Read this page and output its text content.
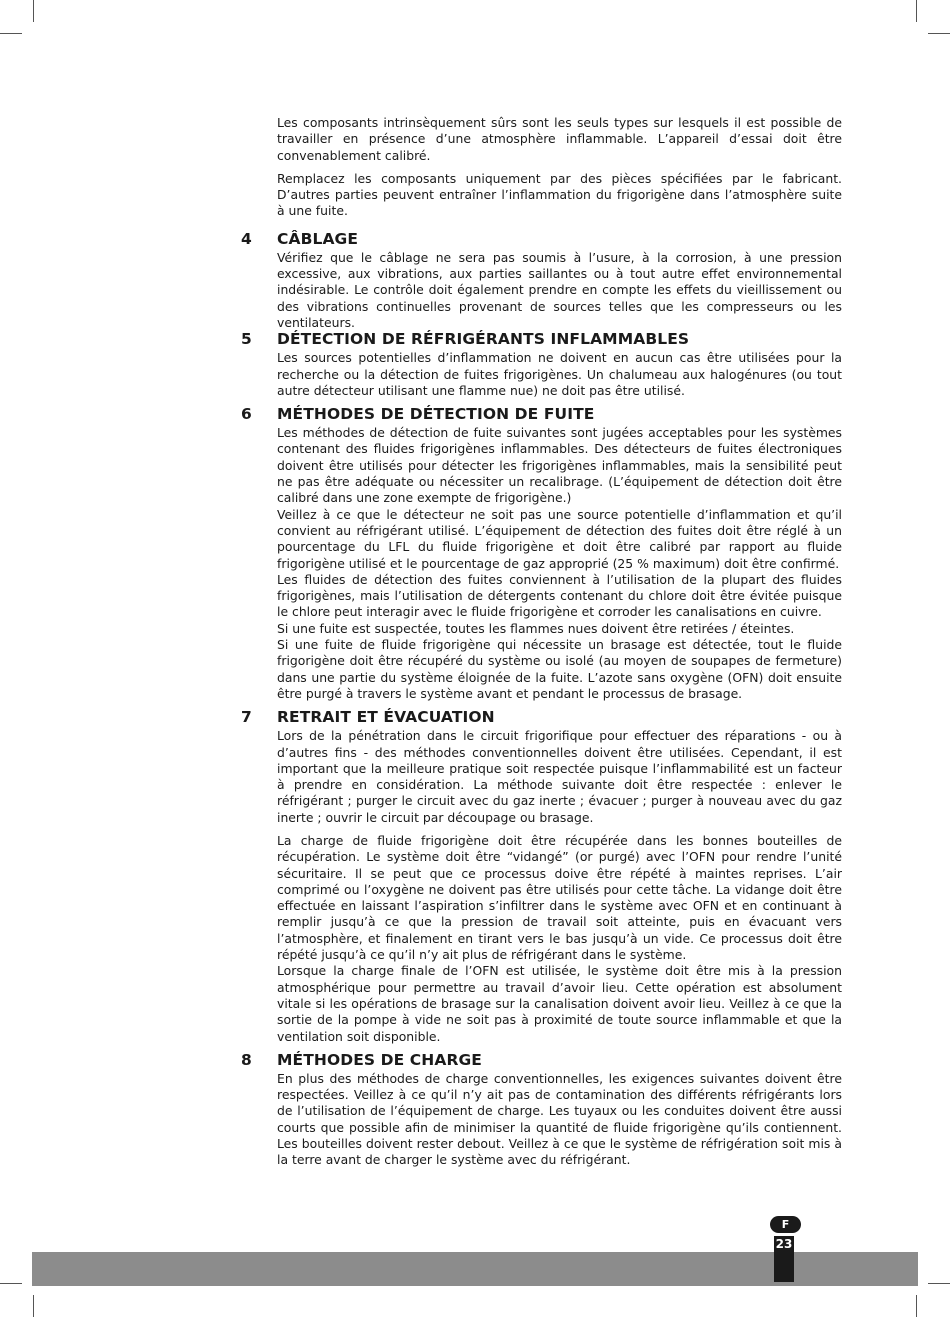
Les composants intrinsèquement sûrs sont les seuls types sur lesquels il est possible de travailler en présence d’une atmosphère inflammable. L’appareil d’essai doit être convenablement calibré.

Remplacez les composants uniquement par des pièces spécifiées par le fabricant. D’autres parties peuvent entraîner l’inflammation du frigorigène dans l’atmosphère suite à une fuite.

4 CÂBLAGE

Vérifiez que le câblage ne sera pas soumis à l’usure, à la corrosion, à une pression excessive, aux vibrations, aux parties saillantes ou à tout autre effet environnemental indésirable. Le contrôle doit également prendre en compte les effets du vieillissement ou des vibrations continuelles provenant de sources telles que les compresseurs ou les ventilateurs.

5 DÉTECTION DE RÉFRIGÉRANTS INFLAMMABLES

Les sources potentielles d’inflammation ne doivent en aucun cas être utilisées pour la recherche ou la détection de fuites frigorigènes. Un chalumeau aux halogénures (ou tout autre détecteur utilisant une flamme nue) ne doit pas être utilisé.

6 MÉTHODES DE DÉTECTION DE FUITE

Les méthodes de détection de fuite suivantes sont jugées acceptables pour les systèmes contenant des fluides frigorigènes inflammables. Des détecteurs de fuites électroniques doivent être utilisés pour détecter les frigorigènes inflammables, mais la sensibilité peut ne pas être adéquate ou nécessiter un recalibrage. (L’équipement de détection doit être calibré dans une zone exempte de frigorigène.)

Veillez à ce que le détecteur ne soit pas une source potentielle d’inflammation et qu’il convient au réfrigérant utilisé. L’équipement de détection des fuites doit être réglé à un pourcentage du LFL du fluide frigorigène et doit être calibré par rapport au fluide frigorigène utilisé et le pourcentage de gaz approprié (25 % maximum) doit être confirmé.

Les fluides de détection des fuites conviennent à l’utilisation de la plupart des fluides frigorigènes, mais l’utilisation de détergents contenant du chlore doit être évitée puisque le chlore peut interagir avec le fluide frigorigène et corroder les canalisations en cuivre.

Si une fuite est suspectée, toutes les flammes nues doivent être retirées / éteintes.

Si une fuite de fluide frigorigène qui nécessite un brasage est détectée, tout le fluide frigorigène doit être récupéré du système ou isolé (au moyen de soupapes de fermeture) dans une partie du système éloignée de la fuite. L’azote sans oxygène (OFN) doit ensuite être purgé à travers le système avant et pendant le processus de brasage.

7 RETRAIT ET ÉVACUATION

Lors de la pénétration dans le circuit frigorifique pour effectuer des réparations - ou à d’autres fins - des méthodes conventionnelles doivent être utilisées. Cependant, il est important que la meilleure pratique soit respectée puisque l’inflammabilité est un facteur à prendre en considération. La méthode suivante doit être respectée : enlever le réfrigérant ; purger le circuit avec du gaz inerte ; évacuer ; purger à nouveau avec du gaz inerte ; ouvrir le circuit par découpage ou brasage.

La charge de fluide frigorigène doit être récupérée dans les bonnes bouteilles de récupération. Le système doit être “vidangé” (or purgé) avec l’OFN pour rendre l’unité sécuritaire. Il se peut que ce processus doive être répété à maintes reprises. L’air comprimé ou l’oxygène ne doivent pas être utilisés pour cette tâche. La vidange doit être effectuée en laissant l’aspiration s’infiltrer dans le système avec OFN et en continuant à remplir jusqu’à ce que la pression de travail soit atteinte, puis en évacuant vers l’atmosphère, et finalement en tirant vers le bas jusqu’à un vide. Ce processus doit être répété jusqu’à ce qu’il n’y ait plus de réfrigérant dans le système.

Lorsque la charge finale de l’OFN est utilisée, le système doit être mis à la pression atmosphérique pour permettre au travail d’avoir lieu. Cette opération est absolument vitale si les opérations de brasage sur la canalisation doivent avoir lieu. Veillez à ce que la sortie de la pompe à vide ne soit pas à proximité de toute source inflammable et que la ventilation soit disponible.

8 MÉTHODES DE CHARGE

En plus des méthodes de charge conventionnelles, les exigences suivantes doivent être respectées. Veillez à ce qu’il n’y ait pas de contamination des différents réfrigérants lors de l’utilisation de l’équipement de charge. Les tuyaux ou les conduites doivent être aussi courts que possible afin de minimiser la quantité de fluide frigorigène qu’ils contiennent. Les bouteilles doivent rester debout. Veillez à ce que le système de réfrigération soit mis à la terre avant de charger le système avec du réfrigérant.

F
23
